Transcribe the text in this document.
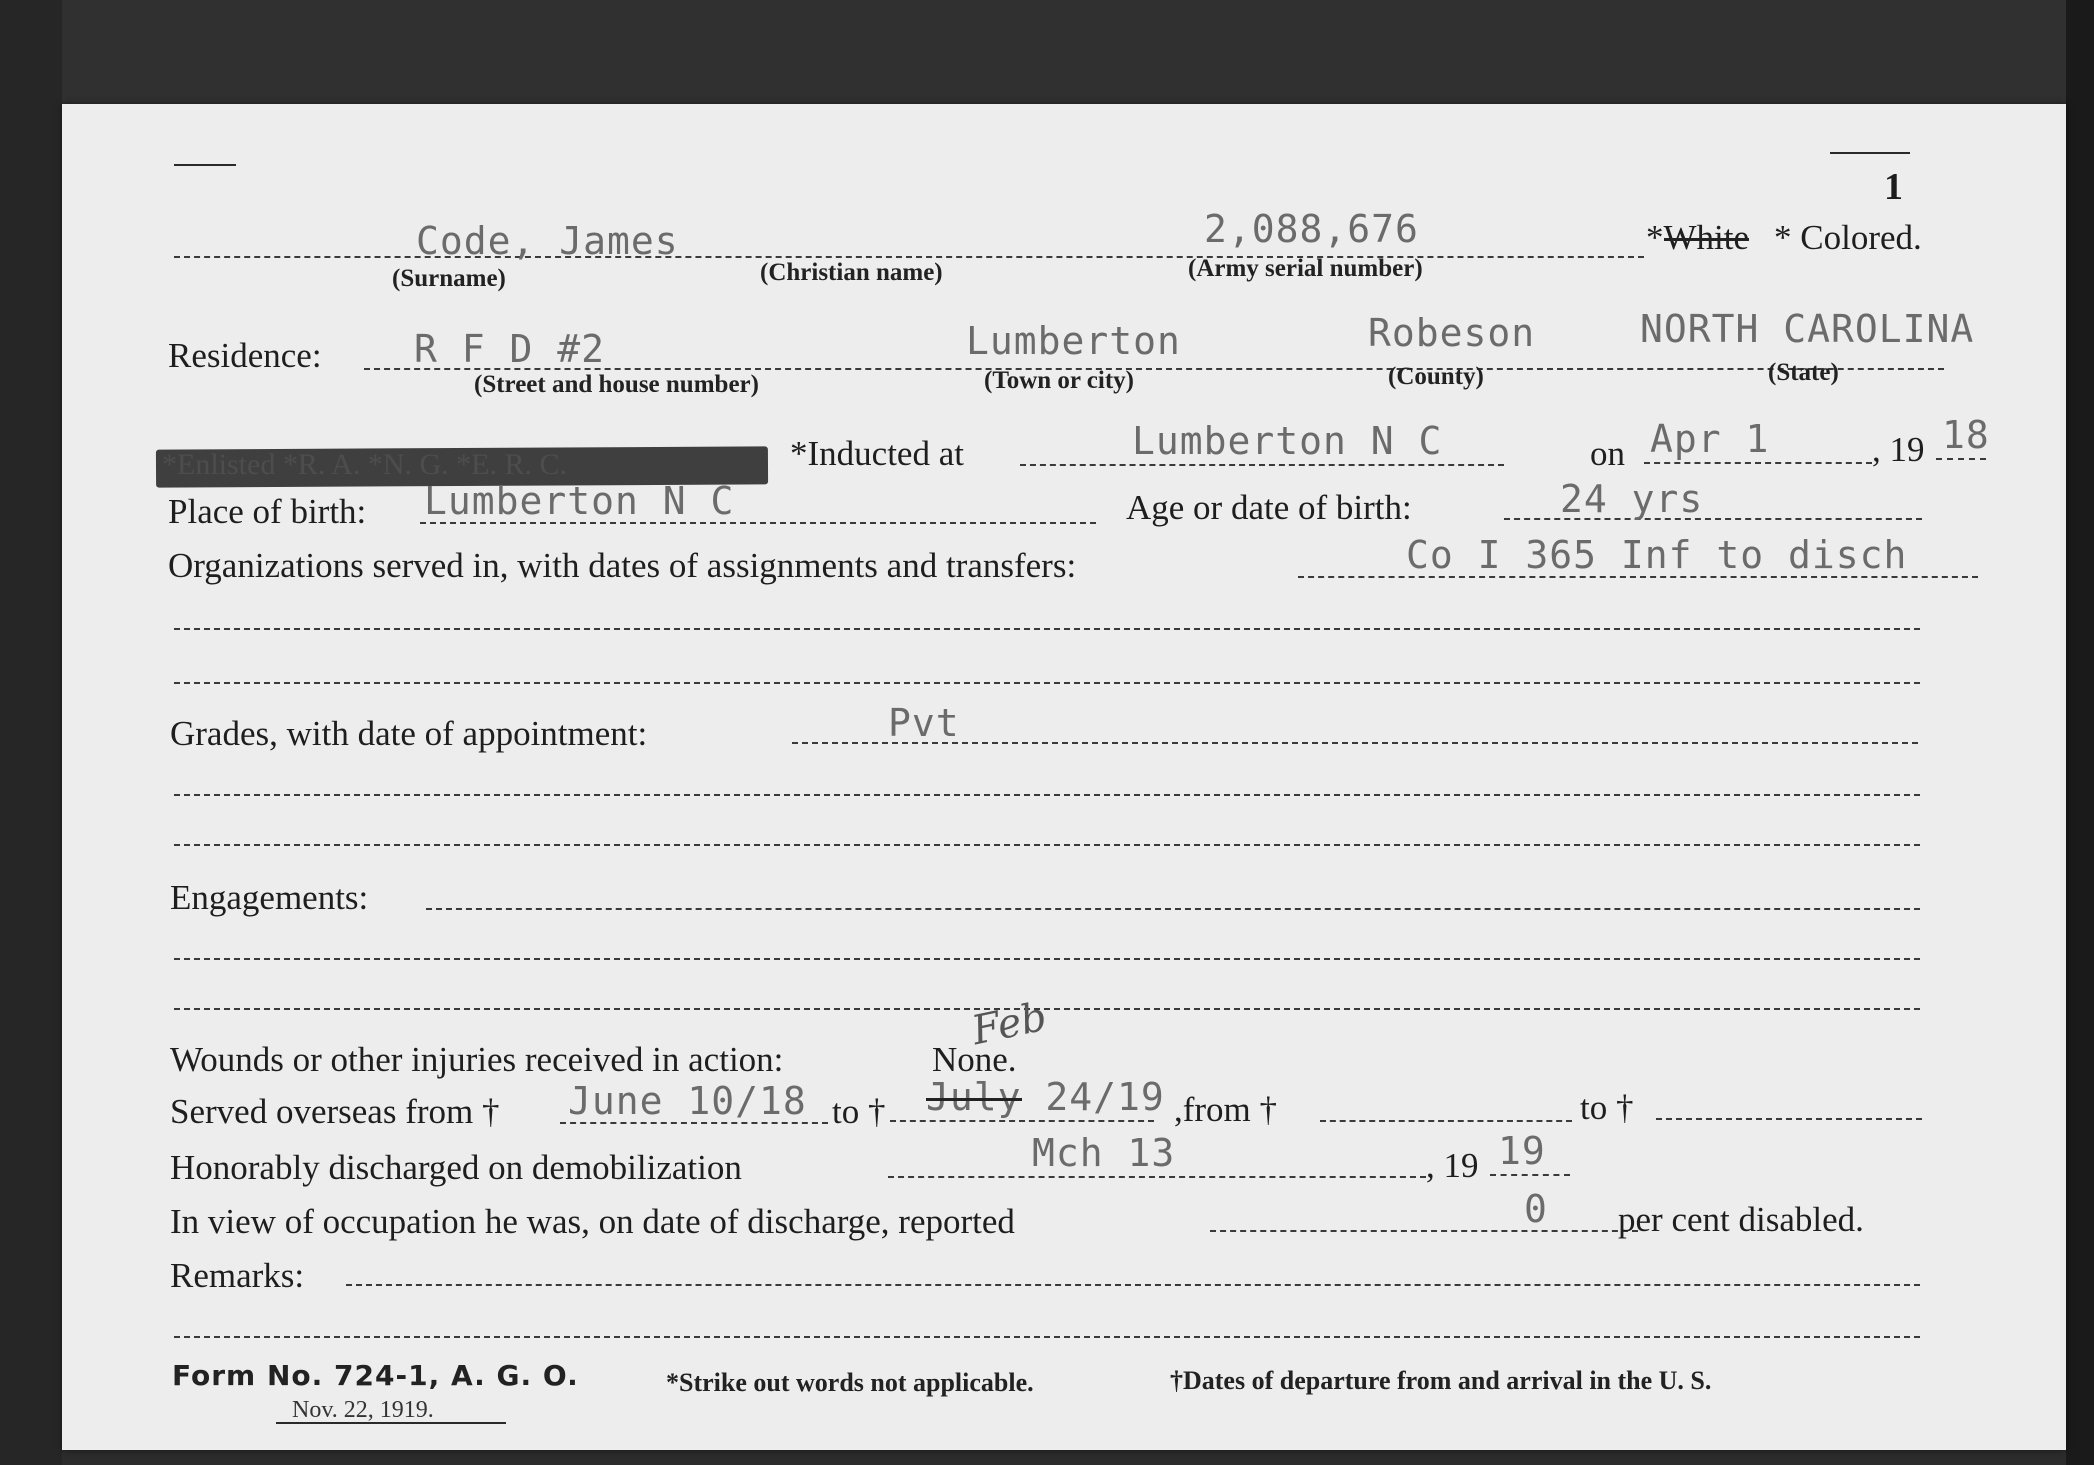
1
Code, James	2,088,676	*White * Colored.
(Surname)	(Christian name)	(Army serial number)
Residence: R F D #2	Lumberton	Robeson	NORTH CAROLINA
(Street and house number)	(Town or city)	(County)	(State)
*Enlisted *R. A. *N. G. *E. R. C.	*Inducted at	Lumberton N C	on Apr 1	, 19 18
Place of birth: Lumberton N C	Age or date of birth:	24 yrs
Organizations served in, with dates of assignments and transfers:	Co I 365 Inf to disch
Grades, with date of appointment:	Pvt
Engagements:
Wounds or other injuries received in action:	None.
Feb
Served overseas from † June 10/18 to † July 24/19 ,from †	to †
Honorably discharged on demobilization	Mch 13	, 19 19
In view of occupation he was, on date of discharge, reported	0 per cent disabled.
Remarks:
Form No. 724-1, A. G. O.
Nov. 22, 1919.
*Strike out words not applicable.	†Dates of departure from and arrival in the U. S.
